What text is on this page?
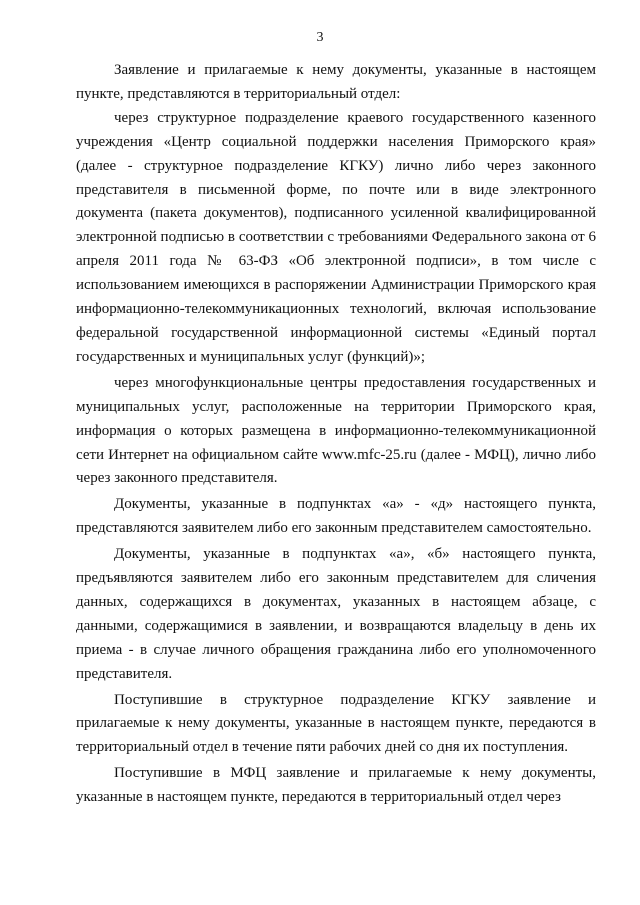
3

Заявление и прилагаемые к нему документы, указанные в настоящем пункте, представляются в территориальный отдел:

через структурное подразделение краевого государственного казенного учреждения «Центр социальной поддержки населения Приморского края» (далее - структурное подразделение КГКУ) лично либо через законного представителя в письменной форме, по почте или в виде электронного документа (пакета документов), подписанного усиленной квалифицированной электронной подписью в соответствии с требованиями Федерального закона от 6 апреля 2011 года № 63-ФЗ «Об электронной подписи», в том числе с использованием имеющихся в распоряжении Администрации Приморского края информационно-телекоммуникационных технологий, включая использование федеральной государственной информационной системы «Единый портал государственных и муниципальных услуг (функций)»;

через многофункциональные центры предоставления государственных и муниципальных услуг, расположенные на территории Приморского края, информация о которых размещена в информационно-телекоммуникационной сети Интернет на официальном сайте www.mfc-25.ru (далее - МФЦ), лично либо через законного представителя.

Документы, указанные в подпунктах «а» - «д» настоящего пункта, представляются заявителем либо его законным представителем самостоятельно.

Документы, указанные в подпунктах «а», «б» настоящего пункта, предъявляются заявителем либо его законным представителем для сличения данных, содержащихся в документах, указанных в настоящем абзаце, с данными, содержащимися в заявлении, и возвращаются владельцу в день их приема - в случае личного обращения гражданина либо его уполномоченного представителя.

Поступившие в структурное подразделение КГКУ заявление и прилагаемые к нему документы, указанные в настоящем пункте, передаются в территориальный отдел в течение пяти рабочих дней со дня их поступления.

Поступившие в МФЦ заявление и прилагаемые к нему документы, указанные в настоящем пункте, передаются в территориальный отдел через
